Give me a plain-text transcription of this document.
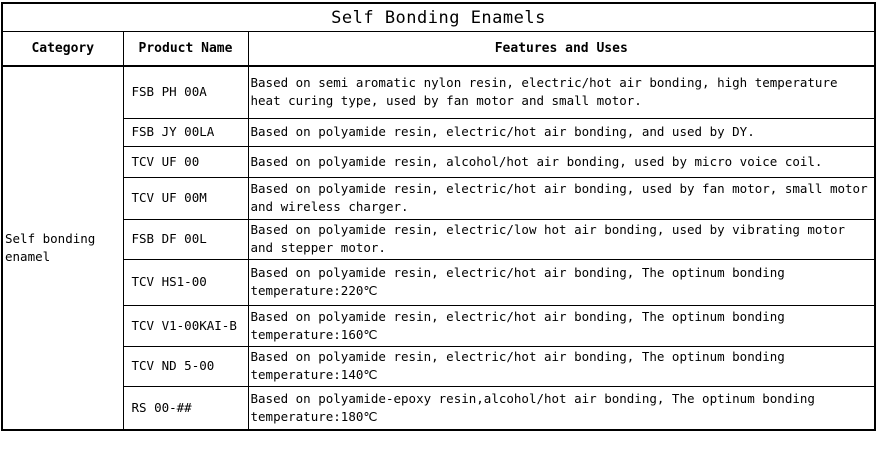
Self Bonding Enamels		
Category	Product Name	Features and Uses
Self bonding enamel	FSB PH 00A	Based on semi aromatic nylon resin, electric/hot air bonding, high temperature heat curing type, used by fan motor and small motor.
	FSB JY 00LA	Based on polyamide resin, electric/hot air bonding, and used by DY.
	TCV UF 00	Based on polyamide resin, alcohol/hot air bonding, used by micro voice coil.
	TCV UF 00M	Based on polyamide resin, electric/hot air bonding, used by fan motor, small motor and wireless charger.
	FSB DF 00L	Based on polyamide resin, electric/low hot air bonding, used by vibrating motor and stepper motor.
	TCV HS1-00	Based on polyamide resin, electric/hot air bonding, The optinum bonding temperature:220℃
	TCV V1-00KAI-B	Based on polyamide resin, electric/hot air bonding, The optinum bonding temperature:160℃
	TCV ND 5-00	Based on polyamide resin, electric/hot air bonding, The optinum bonding temperature:140℃
	RS 00-##	Based on polyamide-epoxy resin,alcohol/hot air bonding, The optinum bonding temperature:180℃
